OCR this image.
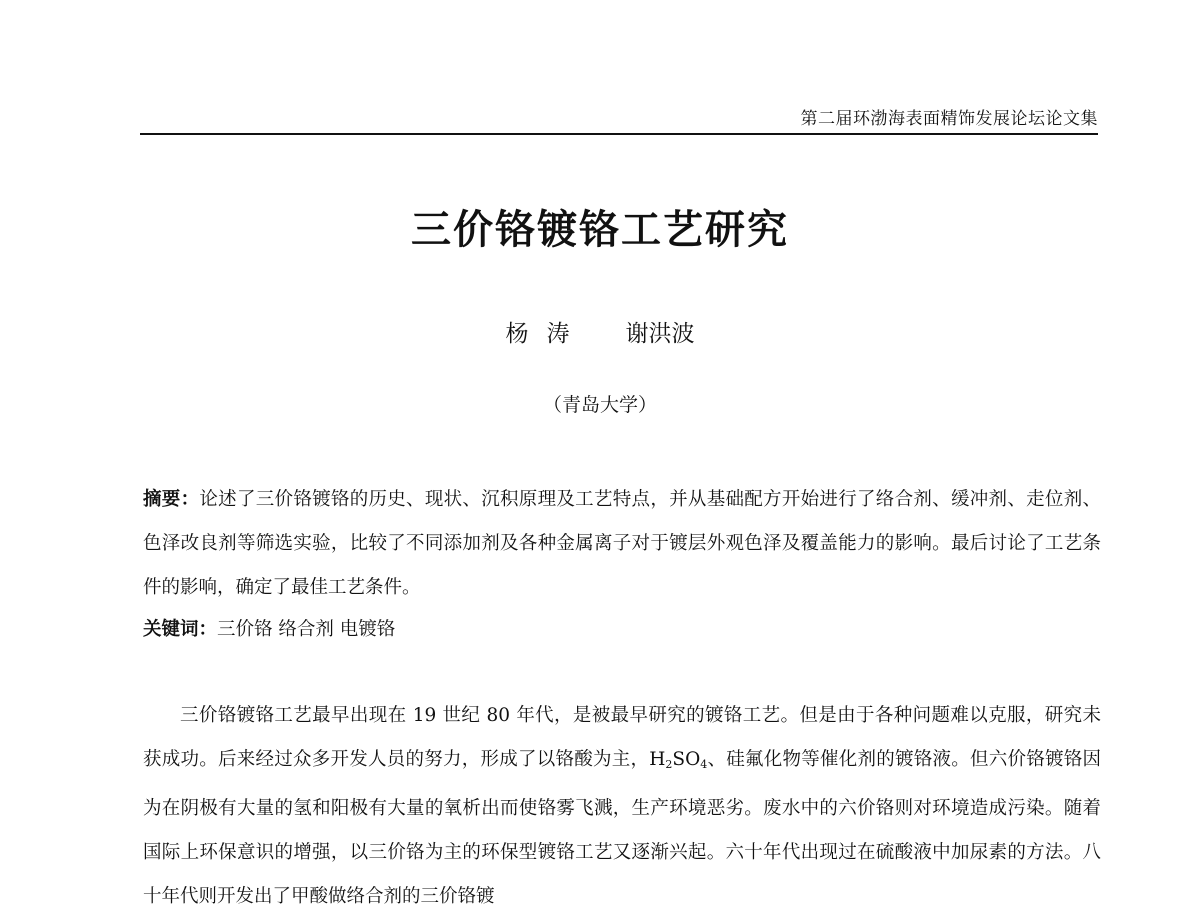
第二届环渤海表面精饰发展论坛论文集
三价铬镀铬工艺研究
杨涛 谢洪波
（青岛大学）

摘要：论述了三价铬镀铬的历史、现状、沉积原理及工艺特点，并从基础配方开始进行了络合剂、缓冲剂、走位剂、色泽改良剂等筛选实验，比较了不同添加剂及各种金属离子对于镀层外观色泽及覆盖能力的影响。最后讨论了工艺条件的影响，确定了最佳工艺条件。

关键词：三价铬 络合剂 电镀铬

三价铬镀铬工艺最早出现在 19 世纪 80 年代，是被最早研究的镀铬工艺。但是由于各种问题难以克服，研究未获成功。后来经过众多开发人员的努力，形成了以铬酸为主，$H_2SO_4$、硅氟化物等催化剂的镀铬液。但六价铬镀铬因为在阴极有大量的氢和阳极有大量的氧析出而使铬雾飞溅，生产环境恶劣。废水中的六价铬则对环境造成污染。随着国际上环保意识的增强，以三价铬为主的环保型镀铬工艺又逐渐兴起。六十年代出现过在硫酸液中加尿素的方法。八十年代则开发出了甲酸做络合剂的三价铬镀
